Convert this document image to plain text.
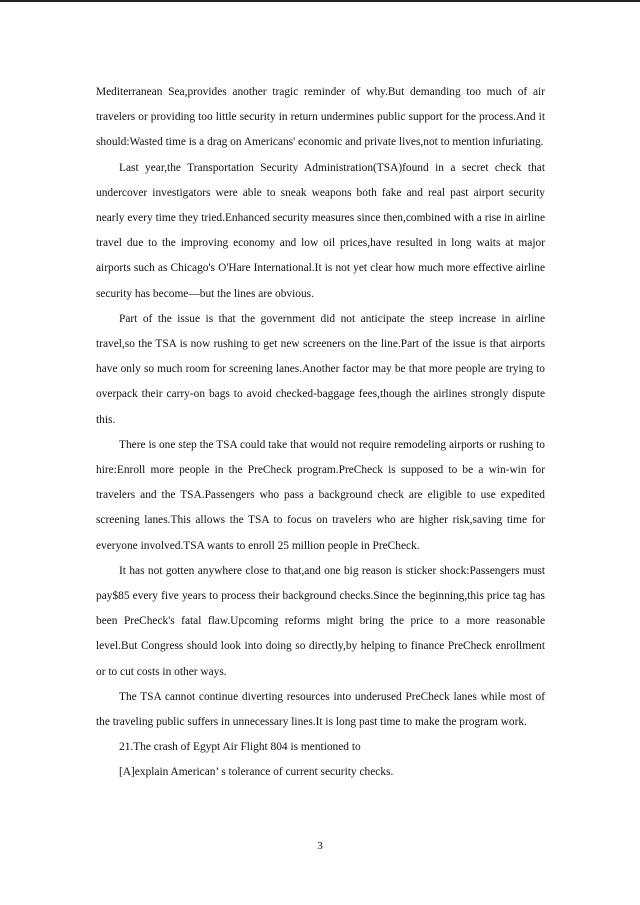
Mediterranean Sea,provides another tragic reminder of why.But demanding too much of air travelers or providing too little security in return undermines public support for the process.And it should:Wasted time is a drag on Americans' economic and private lives,not to mention infuriating.

Last year,the Transportation Security Administration(TSA)found in a secret check that undercover investigators were able to sneak weapons both fake and real past airport security nearly every time they tried.Enhanced security measures since then,combined with a rise in airline travel due to the improving economy and low oil prices,have resulted in long waits at major airports such as Chicago's O'Hare International.It is not yet clear how much more effective airline security has become—but the lines are obvious.

Part of the issue is that the government did not anticipate the steep increase in airline travel,so the TSA is now rushing to get new screeners on the line.Part of the issue is that airports have only so much room for screening lanes.Another factor may be that more people are trying to overpack their carry-on bags to avoid checked-baggage fees,though the airlines strongly dispute this.

There is one step the TSA could take that would not require remodeling airports or rushing to hire:Enroll more people in the PreCheck program.PreCheck is supposed to be a win-win for travelers and the TSA.Passengers who pass a background check are eligible to use expedited screening lanes.This allows the TSA to focus on travelers who are higher risk,saving time for everyone involved.TSA wants to enroll 25 million people in PreCheck.

It has not gotten anywhere close to that,and one big reason is sticker shock:Passengers must pay$85 every five years to process their background checks.Since the beginning,this price tag has been PreCheck's fatal flaw.Upcoming reforms might bring the price to a more reasonable level.But Congress should look into doing so directly,by helping to finance PreCheck enrollment or to cut costs in other ways.

The TSA cannot continue diverting resources into underused PreCheck lanes while most of the traveling public suffers in unnecessary lines.It is long past time to make the program work.

21.The crash of Egypt Air Flight 804 is mentioned to

[A]explain American’ s tolerance of current security checks.

3
